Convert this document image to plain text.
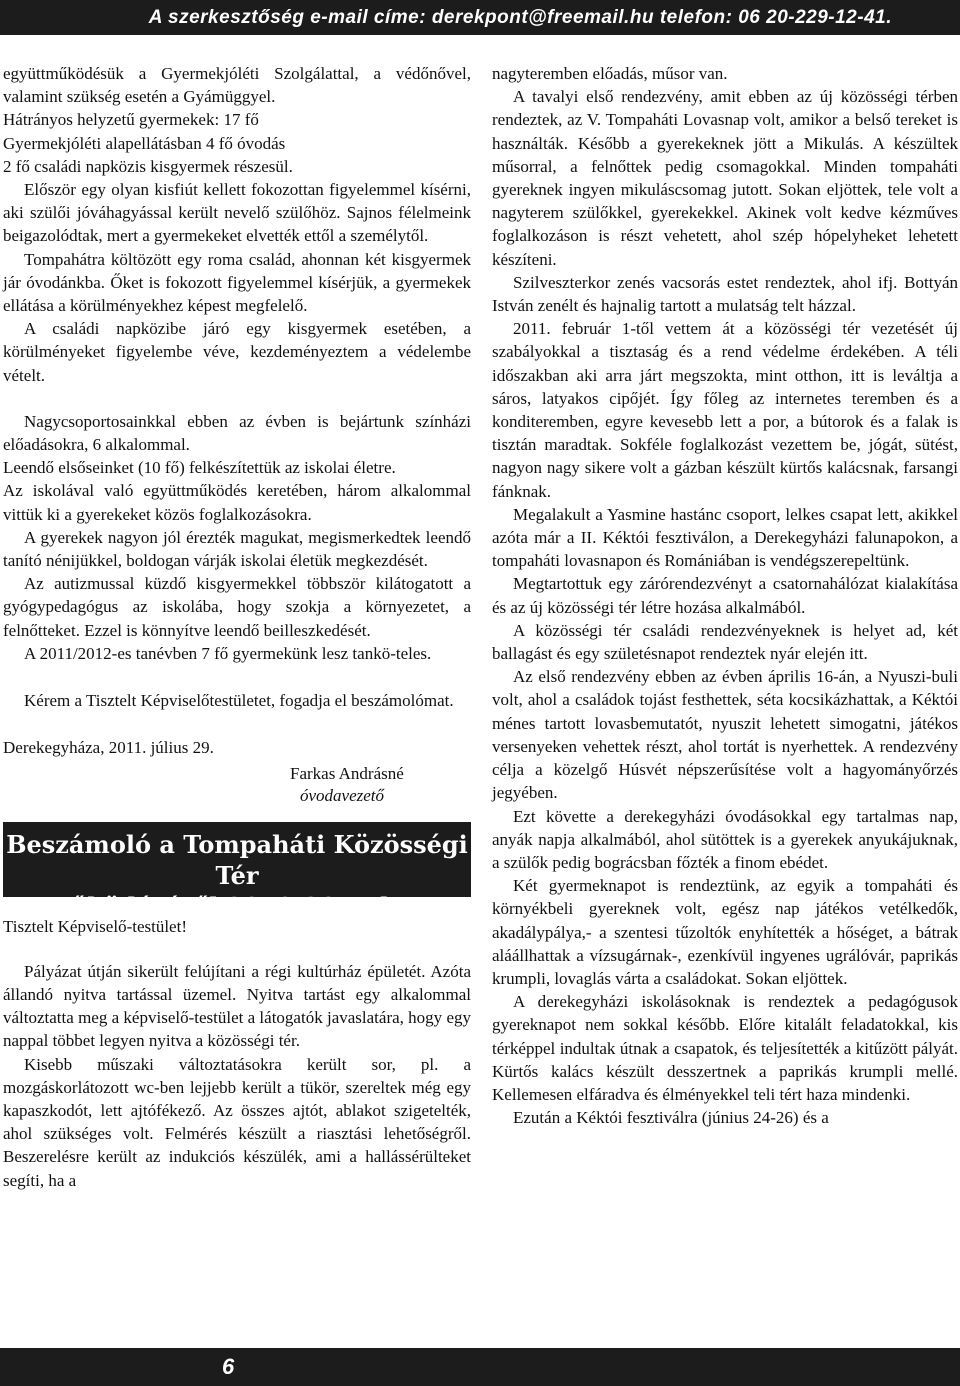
A szerkesztőség e-mail címe: derekpont@freemail.hu telefon: 06 20-229-12-41.

együttműködésük a Gyermekjóléti Szolgálattal, a védőnővel, valamint szükség esetén a Gyámüggyel.

Hátrányos helyzetű gyermekek: 17 fő

Gyermekjóléti alapellátásban 4 fő óvodás

2 fő családi napközis kisgyermek részesül.

Először egy olyan kisfiút kellett fokozottan figyelemmel kísérni, aki szülői jóváhagyással került nevelő szülőhöz. Sajnos félelmeink beigazolódtak, mert a gyermekeket elvették ettől a személytől.

Tompahátra költözött egy roma család, ahonnan két kisgyermek jár óvodánkba. Őket is fokozott figyelemmel kísérjük, a gyermekek ellátása a körülményekhez képest megfelelő.

A családi napközibe járó egy kisgyermek esetében, a körülményeket figyelembe véve, kezdeményeztem a védelembe vételt.

Nagycsoportosainkkal ebben az évben is bejártunk színházi előadásokra, 6 alkalommal.

Leendő elsőseinket (10 fő) felkészítettük az iskolai életre.

Az iskolával való együttműködés keretében, három alkalommal vittük ki a gyerekeket közös foglalkozásokra.

A gyerekek nagyon jól érezték magukat, megismerkedtek leendő tanító nénijükkel, boldogan várják iskolai életük megkezdését.

Az autizmussal küzdő kisgyermekkel többször kilátogatott a gyógypedagógus az iskolába, hogy szokja a környezetet, a felnőtteket. Ezzel is könnyítve leendő beilleszkedését.

A 2011/2012-es tanévben 7 fő gyermekünk lesz tankö-teles.

Kérem a Tisztelt Képviselőtestületet, fogadja el beszámolómat.

Derekegyháza, 2011. július 29.

Farkas Andrásné
óvodavezető
Beszámoló a Tompaháti Közösségi Tér
működéséről 2010-2011-ben

Tisztelt Képviselő-testület!

Pályázat útján sikerült felújítani a régi kultúrház épületét. Azóta állandó nyitva tartással üzemel. Nyitva tartást egy alkalommal változtatta meg a képviselő-testület a látogatók javaslatára, hogy egy nappal többet legyen nyitva a közösségi tér.

Kisebb műszaki változtatásokra került sor, pl. a mozgáskorlátozott wc-ben lejjebb került a tükör, szereltek még egy kapaszkodót, lett ajtófékező. Az összes ajtót, ablakot szigetelték, ahol szükséges volt. Felmérés készült a riasztási lehetőségről. Beszerelésre került az indukciós készülék, ami a hallássérülteket segíti, ha a

nagyteremben előadás, műsor van.

A tavalyi első rendezvény, amit ebben az új közösségi térben rendeztek, az V. Tompaháti Lovasnap volt, amikor a belső tereket is használták. Később a gyerekeknek jött a Mikulás. A készültek műsorral, a felnőttek pedig csomagokkal. Minden tompaháti gyereknek ingyen mikuláscsomag jutott. Sokan eljöttek, tele volt a nagyterem szülőkkel, gyerekekkel. Akinek volt kedve kézműves foglalkozáson is részt vehetett, ahol szép hópelyheket lehetett készíteni.

Szilveszterkor zenés vacsorás estet rendeztek, ahol ifj. Bottyán István zenélt és hajnalig tartott a mulatság telt házzal.

2011. február 1-től vettem át a közösségi tér vezetését új szabályokkal a tisztaság és a rend védelme érdekében. A téli időszakban aki arra járt megszokta, mint otthon, itt is leváltja a sáros, latyakos cipőjét. Így főleg az internetes teremben és a konditeremben, egyre kevesebb lett a por, a bútorok és a falak is tisztán maradtak. Sokféle foglalkozást vezettem be, jógát, sütést, nagyon nagy sikere volt a gázban készült kürtős kalácsnak, farsangi fánknak.

Megalakult a Yasmine hastánc csoport, lelkes csapat lett, akikkel azóta már a II. Kéktói fesztiválon, a Derekegyházi falunapokon, a tompaháti lovasnapon és Romániában is vendégszerepeltünk.

Megtartottuk egy zárórendezvényt a csatornahálózat kialakítása és az új közösségi tér létre hozása alkalmából.

A közösségi tér családi rendezvényeknek is helyet ad, két ballagást és egy születésnapot rendeztek nyár elején itt.

Az első rendezvény ebben az évben április 16-án, a Nyuszi-buli volt, ahol a családok tojást festhettek, séta kocsikázhattak, a Kéktói ménes tartott lovasbemutatót, nyuszit lehetett simogatni, játékos versenyeken vehettek részt, ahol tortát is nyerhettek. A rendezvény célja a közelgő Húsvét népszerűsítése volt a hagyományőrzés jegyében.

Ezt követte a derekegyházi óvodásokkal egy tartalmas nap, anyák napja alkalmából, ahol sütöttek is a gyerekek anyukájuknak, a szülők pedig bográcsban főzték a finom ebédet.

Két gyermeknapot is rendeztünk, az egyik a tompaháti és környékbeli gyereknek volt, egész nap játékos vetélkedők, akadálypálya,- a szentesi tűzoltók enyhítették a hőséget, a bátrak aláállhattak a vízsugárnak-, ezenkívül ingyenes ugrálóvár, paprikás krumpli, lovaglás várta a családokat. Sokan eljöttek.

A derekegyházi iskolásoknak is rendeztek a pedagógusok gyereknapot nem sokkal később. Előre kitalált feladatokkal, kis térképpel indultak útnak a csapatok, és teljesítették a kitűzött pályát. Kürtős kalács készült desszertnek a paprikás krumpli mellé. Kellemesen elfáradva és élményekkel teli tért haza mindenki.

Ezután a Kéktói fesztiválra (június 24-26) és a

6
